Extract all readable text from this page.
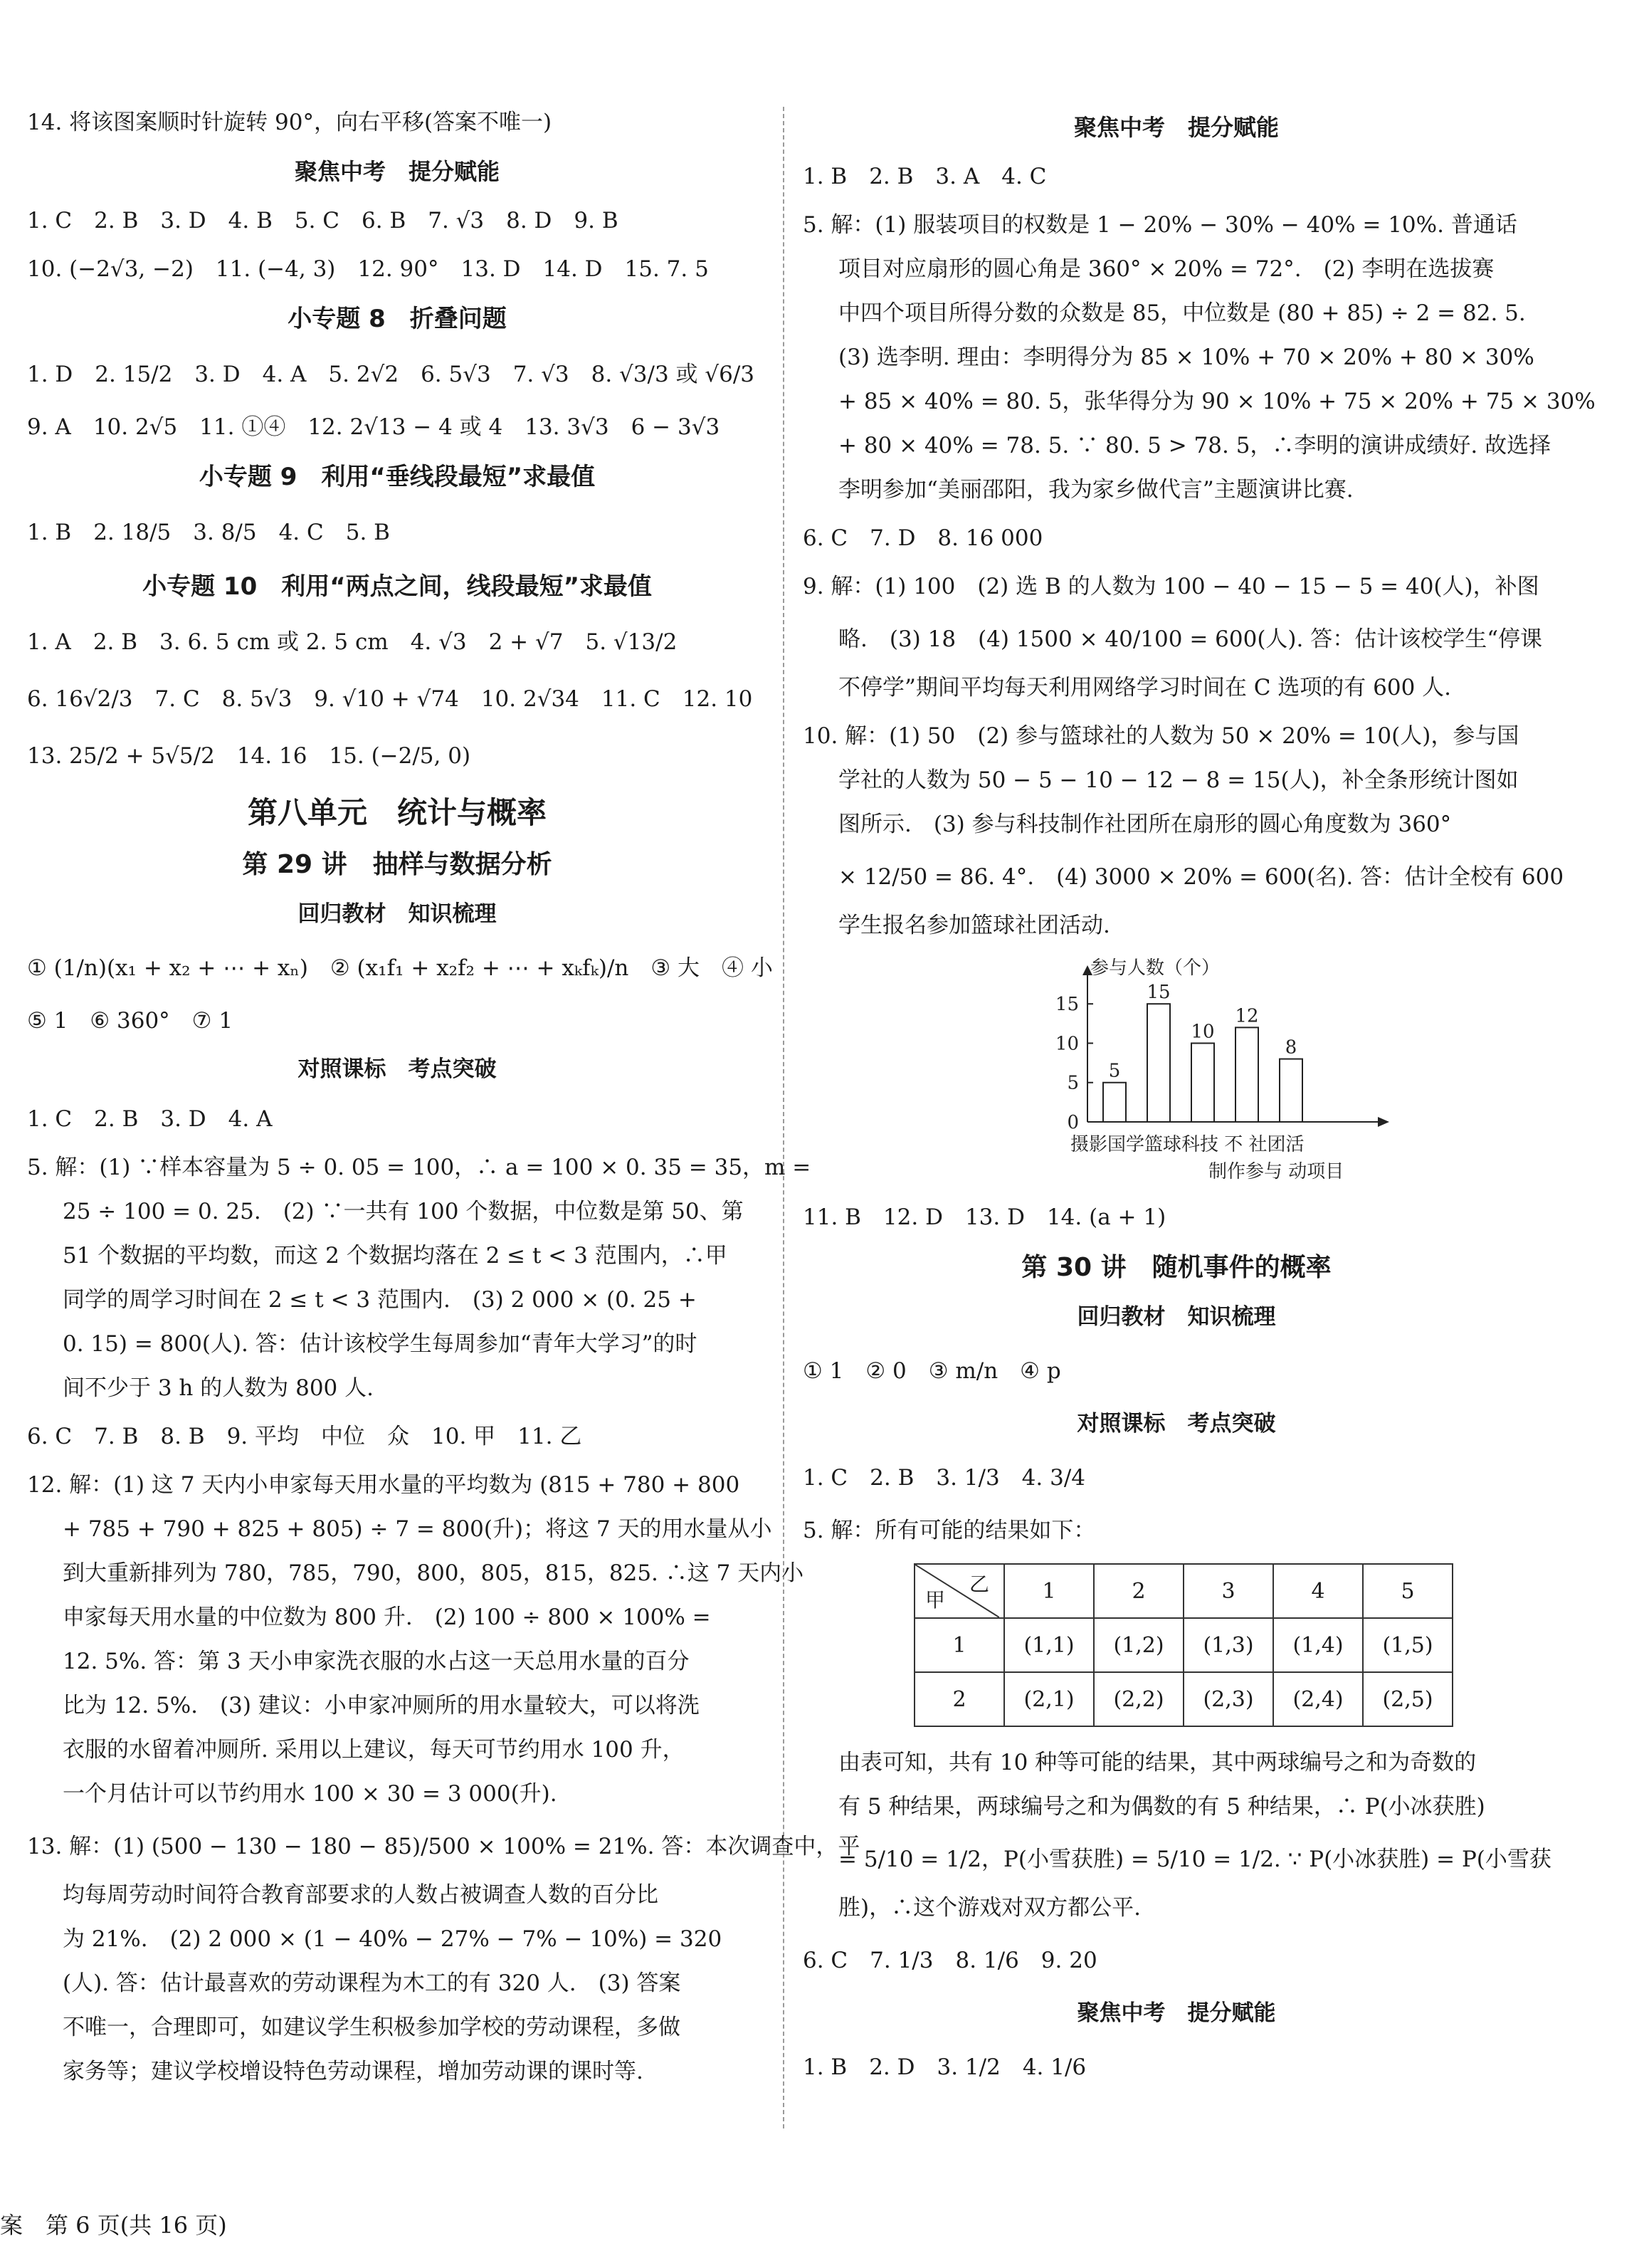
14. 将该图案顺时针旋转 90°，向右平移(答案不唯一)
聚焦中考　提分赋能
1. C　2. B　3. D　4. B　5. C　6. B　7. √3　8. D　9. B
10. (−2√3, −2)　11. (−4, 3)　12. 90°　13. D　14. D　15. 7. 5
小专题 8　折叠问题
1. D　2. 15/2　3. D　4. A　5. 2√2　6. 5√3　7. √3　8. √3/3 或 √6/3
9. A　10. 2√5　11. ①④　12. 2√13 − 4 或 4　13. 3√3　6 − 3√3
小专题 9　利用“垂线段最短”求最值
1. B　2. 18/5　3. 8/5　4. C　5. B
小专题 10　利用“两点之间，线段最短”求最值
1. A　2. B　3. 6. 5 cm 或 2. 5 cm　4. √3　2 + √7　5. √13/2
6. 16√2/3　7. C　8. 5√3　9. √10 + √74　10. 2√34　11. C　12. 10
13. 25/2 + 5√5/2　14. 16　15. (−2/5, 0)
第八单元　统计与概率
第 29 讲　抽样与数据分析
回归教材　知识梳理
① (1/n)(x₁ + x₂ + ⋯ + xₙ)　② (x₁f₁ + x₂f₂ + ⋯ + xₖfₖ)/n　③ 大　④ 小
⑤ 1　⑥ 360°　⑦ 1
对照课标　考点突破
1. C　2. B　3. D　4. A
5. 解：(1) ∵样本容量为 5 ÷ 0. 05 = 100，∴ a = 100 × 0. 35 = 35，m =
25 ÷ 100 = 0. 25.　(2) ∵一共有 100 个数据，中位数是第 50、第
51 个数据的平均数，而这 2 个数据均落在 2 ≤ t < 3 范围内，∴甲
同学的周学习时间在 2 ≤ t < 3 范围内.　(3) 2 000 × (0. 25 +
0. 15) = 800(人). 答：估计该校学生每周参加“青年大学习”的时
间不少于 3 h 的人数为 800 人.
6. C　7. B　8. B　9. 平均　中位　众　10. 甲　11. 乙
12. 解：(1) 这 7 天内小申家每天用水量的平均数为 (815 + 780 + 800
+ 785 + 790 + 825 + 805) ÷ 7 = 800(升)；将这 7 天的用水量从小
到大重新排列为 780，785，790，800，805，815，825. ∴这 7 天内小
申家每天用水量的中位数为 800 升.　(2) 100 ÷ 800 × 100% =
12. 5%. 答：第 3 天小申家洗衣服的水占这一天总用水量的百分
比为 12. 5%.　(3) 建议：小申家冲厕所的用水量较大，可以将洗
衣服的水留着冲厕所. 采用以上建议，每天可节约用水 100 升，
一个月估计可以节约用水 100 × 30 = 3 000(升).
13. 解：(1) (500 − 130 − 180 − 85)/500 × 100% = 21%. 答：本次调查中，平
均每周劳动时间符合教育部要求的人数占被调查人数的百分比
为 21%.　(2) 2 000 × (1 − 40% − 27% − 7% − 10%) = 320
(人). 答：估计最喜欢的劳动课程为木工的有 320 人.　(3) 答案
不唯一，合理即可，如建议学生积极参加学校的劳动课程，多做
家务等；建议学校增设特色劳动课程，增加劳动课的课时等.
聚焦中考　提分赋能
1. B　2. B　3. A　4. C
5. 解：(1) 服装项目的权数是 1 − 20% − 30% − 40% = 10%. 普通话
项目对应扇形的圆心角是 360° × 20% = 72°.　(2) 李明在选拔赛
中四个项目所得分数的众数是 85，中位数是 (80 + 85) ÷ 2 = 82. 5.
(3) 选李明. 理由：李明得分为 85 × 10% + 70 × 20% + 80 × 30%
+ 85 × 40% = 80. 5，张华得分为 90 × 10% + 75 × 20% + 75 × 30%
+ 80 × 40% = 78. 5. ∵ 80. 5 > 78. 5，∴李明的演讲成绩好. 故选择
李明参加“美丽邵阳，我为家乡做代言”主题演讲比赛.
6. C　7. D　8. 16 000
9. 解：(1) 100　(2) 选 B 的人数为 100 − 40 − 15 − 5 = 40(人)，补图
略.　(3) 18　(4) 1500 × 40/100 = 600(人). 答：估计该校学生“停课
不停学”期间平均每天利用网络学习时间在 C 选项的有 600 人.
10. 解：(1) 50　(2) 参与篮球社的人数为 50 × 20% = 10(人)，参与国
学社的人数为 50 − 5 − 10 − 12 − 8 = 15(人)，补全条形统计图如
图所示.　(3) 参与科技制作社团所在扇形的圆心角度数为 360°
× 12/50 = 86. 4°.　(4) 3000 × 20% = 600(名). 答：估计全校有 600
学生报名参加篮球社团活动.
参与人数（个）
0
5
10
15
5
15
10
12
8
摄影国学篮球科技 不 社团活
制作参与 动项目
11. B　12. D　13. D　14. (a + 1)
第 30 讲　随机事件的概率
回归教材　知识梳理
① 1　② 0　③ m/n　④ p
对照课标　考点突破
1. C　2. B　3. 1/3　4. 3/4
5. 解：所有可能的结果如下：
乙
甲	1	2	3	4	5
1	(1,1)	(1,2)	(1,3)	(1,4)	(1,5)
2	(2,1)	(2,2)	(2,3)	(2,4)	(2,5)
由表可知，共有 10 种等可能的结果，其中两球编号之和为奇数的
有 5 种结果，两球编号之和为偶数的有 5 种结果，∴ P(小冰获胜)
= 5/10 = 1/2，P(小雪获胜) = 5/10 = 1/2. ∵ P(小冰获胜) = P(小雪获
胜)，∴这个游戏对双方都公平.
6. C　7. 1/3　8. 1/6　9. 20
聚焦中考　提分赋能
1. B　2. D　3. 1/2　4. 1/6
案　第 6 页(共 16 页)
